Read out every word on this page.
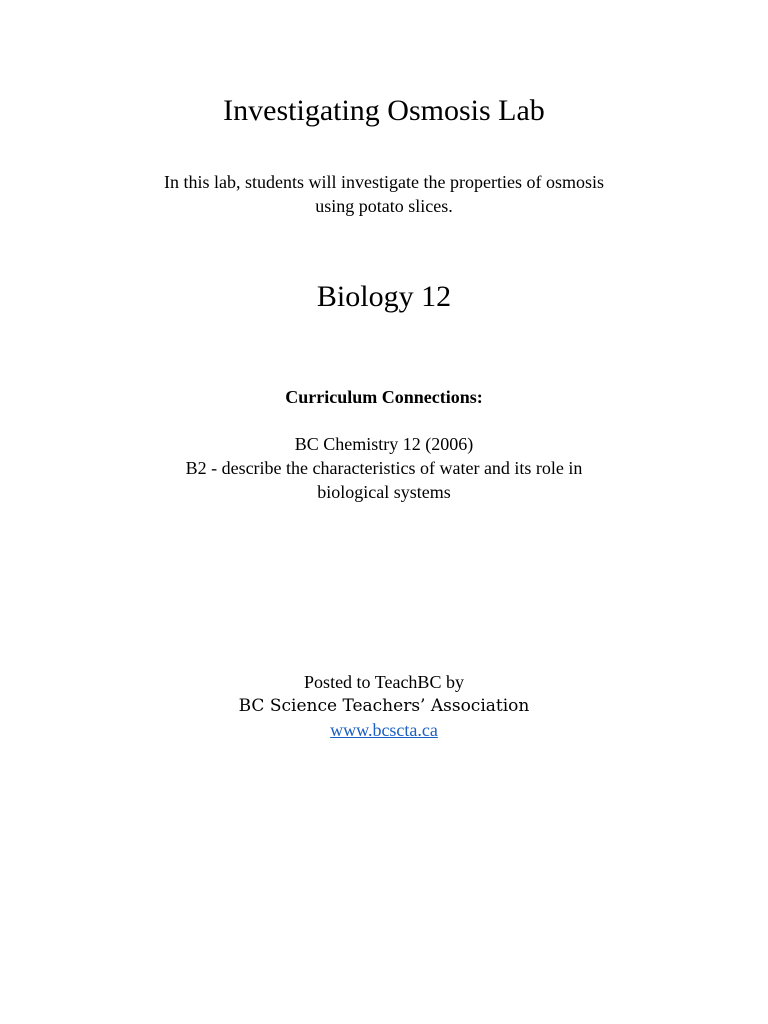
Investigating Osmosis Lab

In this lab, students will investigate the properties of osmosis
using potato slices.

Biology 12
Curriculum Connections:

BC Chemistry 12 (2006)
B2 - describe the characteristics of water and its role in
biological systems

Posted to TeachBC by
BC Science Teachers’ Association
www.bcscta.ca
